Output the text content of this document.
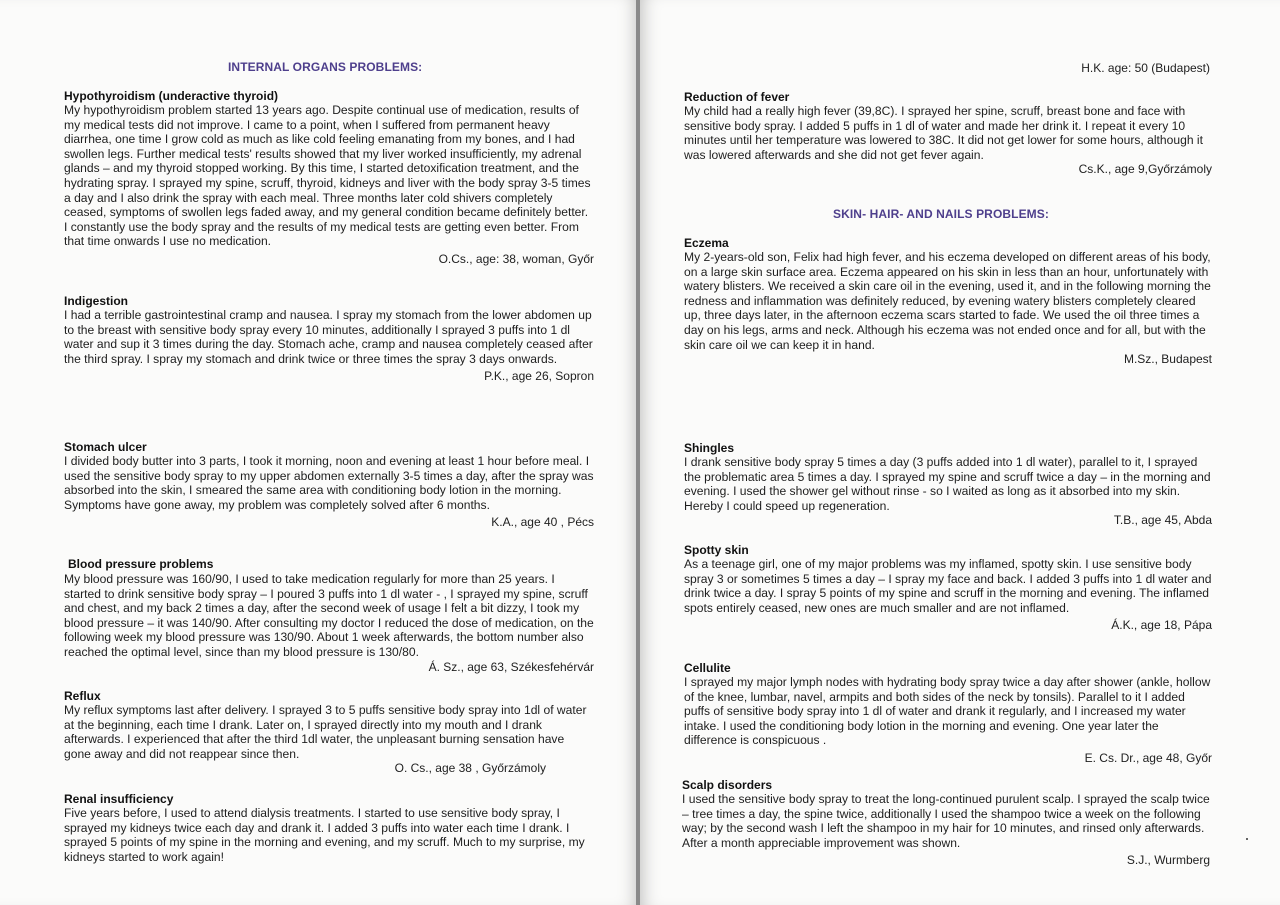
INTERNAL ORGANS PROBLEMS:
Hypothyroidism (underactive thyroid)

My hypothyroidism problem started 13 years ago. Despite continual use of medication, results of my medical tests did not improve. I came to a point, when I suffered from permanent heavy diarrhea, one time I grow cold as much as like cold feeling emanating from my bones, and I had swollen legs. Further medical tests' results showed that my liver worked insufficiently, my adrenal glands – and my thyroid stopped working. By this time, I started detoxification treatment, and the hydrating spray. I sprayed my spine, scruff, thyroid, kidneys and liver with the body spray 3-5 times a day and I also drink the spray with each meal. Three months later cold shivers completely ceased, symptoms of swollen legs faded away, and my general condition became definitely better. I constantly use the body spray and the results of my medical tests are getting even better. From that time onwards I use no medication.

O.Cs., age: 38, woman, Győr
Indigestion

I had a terrible gastrointestinal cramp and nausea. I spray my stomach from the lower abdomen up to the breast with sensitive body spray every 10 minutes, additionally I sprayed 3 puffs into 1 dl water and sup it 3 times during the day. Stomach ache, cramp and nausea completely ceased after the third spray. I spray my stomach and drink twice or three times the spray 3 days onwards.

P.K., age 26, Sopron
Stomach ulcer

I divided body butter into 3 parts, I took it morning, noon and evening at least 1 hour before meal. I used the sensitive body spray to my upper abdomen externally 3-5 times a day, after the spray was absorbed into the skin, I smeared the same area with conditioning body lotion in the morning. Symptoms have gone away, my problem was completely solved after 6 months.

K.A., age 40 , Pécs
Blood pressure problems

My blood pressure was 160/90, I used to take medication regularly for more than 25 years. I started to drink sensitive body spray – I poured 3 puffs into 1 dl water - , I sprayed my spine, scruff and chest, and my back 2 times a day, after the second week of usage I felt a bit dizzy, I took my blood pressure – it was 140/90. After consulting my doctor I reduced the dose of medication, on the following week my blood pressure was 130/90. About 1 week afterwards, the bottom number also reached the optimal level, since than my blood pressure is 130/80.

Á. Sz., age 63, Székesfehérvár
Reflux

My reflux symptoms last after delivery. I sprayed 3 to 5 puffs sensitive body spray into 1dl of water at the beginning, each time I drank. Later on, I sprayed directly into my mouth and I drank afterwards. I experienced that after the third 1dl water, the unpleasant burning sensation have gone away and did not reappear since then.

O. Cs., age 38 , Győrzámoly
Renal insufficiency

Five years before, I used to attend dialysis treatments. I started to use sensitive body spray, I sprayed my kidneys twice each day and drank it. I added 3 puffs into water each time I drank. I sprayed 5 points of my spine in the morning and evening, and my scruff. Much to my surprise, my kidneys started to work again!

H.K. age: 50 (Budapest)
SKIN- HAIR- AND NAILS PROBLEMS:
Reduction of fever

My child had a really high fever (39,8C). I sprayed her spine, scruff, breast bone and face with sensitive body spray. I added 5 puffs in 1 dl of water and made her drink it. I repeat it every 10 minutes until her temperature was lowered to 38C. It did not get lower for some hours, although it was lowered afterwards and she did not get fever again.

Cs.K., age 9,Győrzámoly
Eczema

My 2-years-old son, Felix had high fever, and his eczema developed on different areas of his body, on a large skin surface area. Eczema appeared on his skin in less than an hour, unfortunately with watery blisters. We received a skin care oil in the evening, used it, and in the following morning the redness and inflammation was definitely reduced, by evening watery blisters completely cleared up, three days later, in the afternoon eczema scars started to fade. We used the oil three times a day on his legs, arms and neck. Although his eczema was not ended once and for all, but with the skin care oil we can keep it in hand.

M.Sz., Budapest
Shingles

I drank sensitive body spray 5 times a day (3 puffs added into 1 dl water), parallel to it, I sprayed the problematic area 5 times a day. I sprayed my spine and scruff twice a day – in the morning and evening. I used the shower gel without rinse - so I waited as long as it absorbed into my skin. Hereby I could speed up regeneration.

T.B., age 45, Abda
Spotty skin

As a teenage girl, one of my major problems was my inflamed, spotty skin. I use sensitive body spray 3 or sometimes 5 times a day – I spray my face and back. I added 3 puffs into 1 dl water and drink twice a day. I spray 5 points of my spine and scruff in the morning and evening. The inflamed spots entirely ceased, new ones are much smaller and are not inflamed.

Á.K., age 18, Pápa
Cellulite

I sprayed my major lymph nodes with hydrating body spray twice a day after shower (ankle, hollow of the knee, lumbar, navel, armpits and both sides of the neck by tonsils). Parallel to it I added puffs of sensitive body spray into 1 dl of water and drank it regularly, and I increased my water intake. I used the conditioning body lotion in the morning and evening. One year later the difference is conspicuous .

E. Cs. Dr., age 48, Győr
Scalp disorders

I used the sensitive body spray to treat the long-continued purulent scalp. I sprayed the scalp twice – tree times a day, the spine twice, additionally I used the shampoo twice a week on the following way; by the second wash I left the shampoo in my hair for 10 minutes, and rinsed only afterwards. After a month appreciable improvement was shown.

S.J., Wurmberg
